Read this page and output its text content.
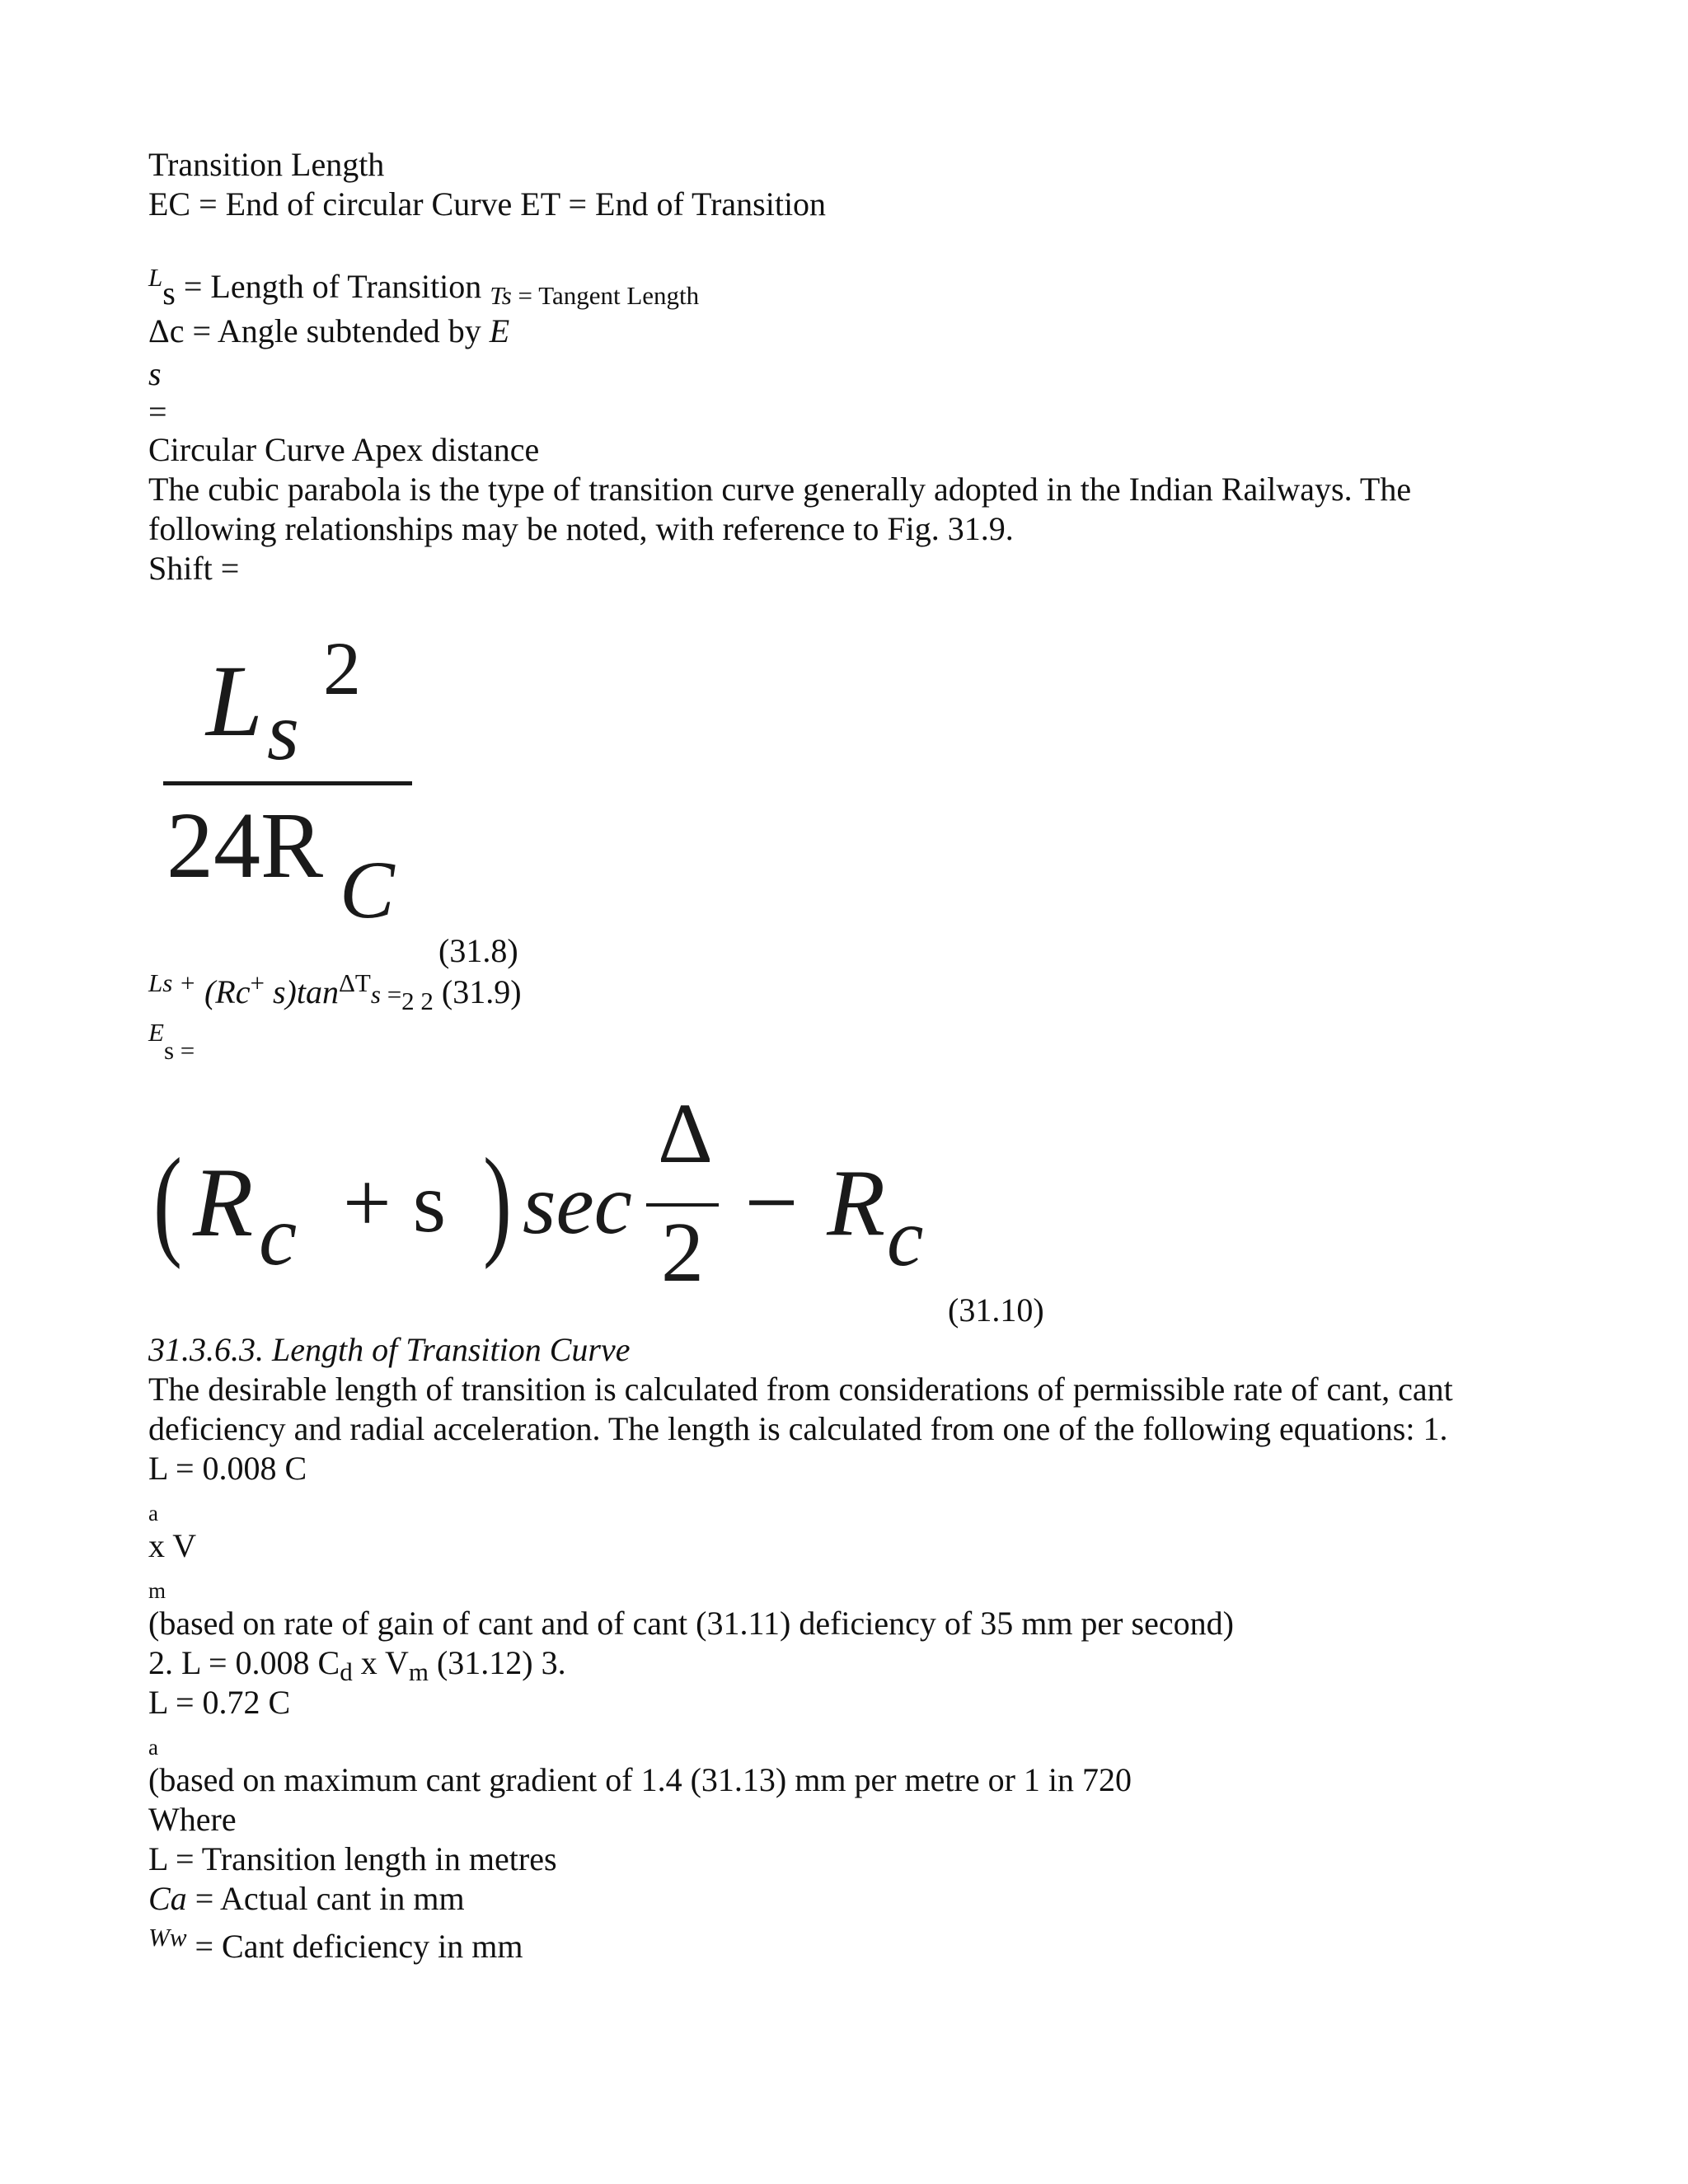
Transition Length
EC = End of circular Curve ET = End of Transition
$^L$s = Length of Transition $_{Ts}$ $_{= Tangent Length}$
Δc = Angle subtended by E
s
=
Circular Curve Apex distance
The cubic parabola is the type of transition curve generally adopted in the Indian Railways. The
following relationships may be noted, with reference to Fig. 31.9.
Shift =
L s
2
24R C
(31.8)
$^{Ls +}$ (Rc+ $s)\tan^{\Delta T}s =_{2 2}$ (31.9)
$^E_s$ $_=$
( R c + s ) sec
Δ
2 − R c
(31.10)
31.3.6.3. Length of Transition Curve
The desirable length of transition is calculated from considerations of permissible rate of cant, cant
deficiency and radial acceleration. The length is calculated from one of the following equations: 1.
L = 0.008 C
a
x V
m
(based on rate of gain of cant and of cant (31.11) deficiency of 35 mm per second)
2. L = 0.008 $C_d$ x $V_m$ (31.12) 3.
L = 0.72 C
a
(based on maximum cant gradient of 1.4 (31.13) mm per metre or 1 in 720
Where
L = Transition length in metres
Ca = Actual cant in mm
$^{Ww}$ = Cant deficiency in mm
